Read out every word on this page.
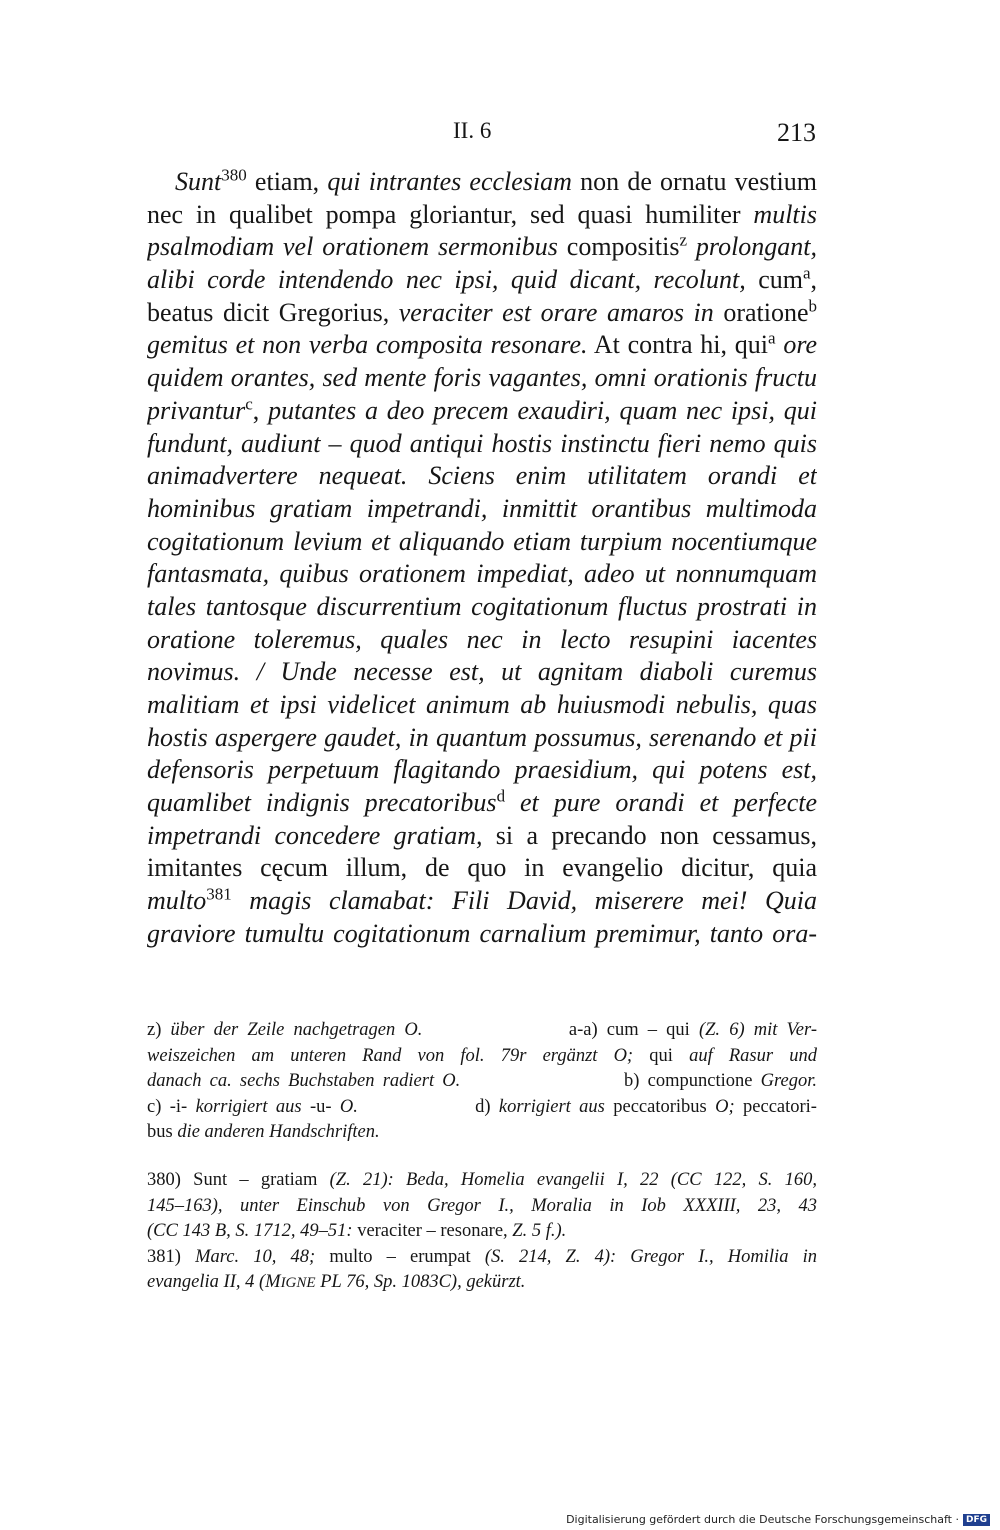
II. 6	213
Sunt$^{380}$ etiam, qui intrantes ecclesiam non de ornatu vestium
nec in qualibet pompa gloriantur, sed quasi humiliter multis
psalmodiam vel orationem sermonibus compositis$^z$ prolongant,
alibi corde intendendo nec ipsi, quid dicant, recolunt, cum$^a$,
beatus dicit Gregorius, veraciter est orare amaros in oratione$^b$
gemitus et non verba composita resonare. At contra hi, qui$^a$ ore
quidem orantes, sed mente foris vagantes, omni orationis fructu
privantur$^c$, putantes a deo precem exaudiri, quam nec ipsi, qui
fundunt, audiunt – quod antiqui hostis instinctu fieri nemo quis
animadvertere nequeat. Sciens enim utilitatem orandi et
hominibus gratiam impetrandi, inmittit orantibus multimoda
cogitationum levium et aliquando etiam turpium nocentiumque
fantasmata, quibus orationem impediat, adeo ut nonnumquam
tales tantosque discurrentium cogitationum fluctus prostrati in
oratione toleremus, quales nec in lecto resupini iacentes
novimus. / Unde necesse est, ut agnitam diaboli curemus
malitiam et ipsi videlicet animum ab huiusmodi nebulis, quas
hostis aspergere gaudet, in quantum possumus, serenando et pii
defensoris perpetuum flagitando praesidium, qui potens est,
quamlibet indignis precatoribus$^d$ et pure orandi et perfecte
impetrandi concedere gratiam, si a precando non cessamus,
imitantes cęcum illum, de quo in evangelio dicitur, quia
multo$^{381}$ magis clamabat: Fili David, miserere mei! Quia
graviore tumultu cogitationum carnalium premimur, tanto ora-
z) über der Zeile nachgetragen O.                a-a) cum – qui (Z. 6) mit Ver-
weiszeichen am unteren Rand von fol. 79r ergänzt O; qui auf Rasur und
danach ca. sechs Buchstaben radiert O.                    b) compunctione Gregor.
c) -i- korrigiert aus -u- O.              d) korrigiert aus peccatoribus O; peccatori-
bus die anderen Handschriften.
380) Sunt – gratiam (Z. 21): Beda, Homelia evangelii I, 22 (CC 122, S. 160,
145–163), unter Einschub von Gregor I., Moralia in Iob XXXIII, 23, 43
(CC 143 B, S. 1712, 49–51: veraciter – resonare, Z. 5 f.).
381) Marc. 10, 48; multo – erumpat (S. 214, Z. 4): Gregor I., Homilia in
evangelia II, 4 (MIGNE PL 76, Sp. 1083C), gekürzt.
Digitalisierung gefördert durch die Deutsche Forschungsgemeinschaft · DFG
